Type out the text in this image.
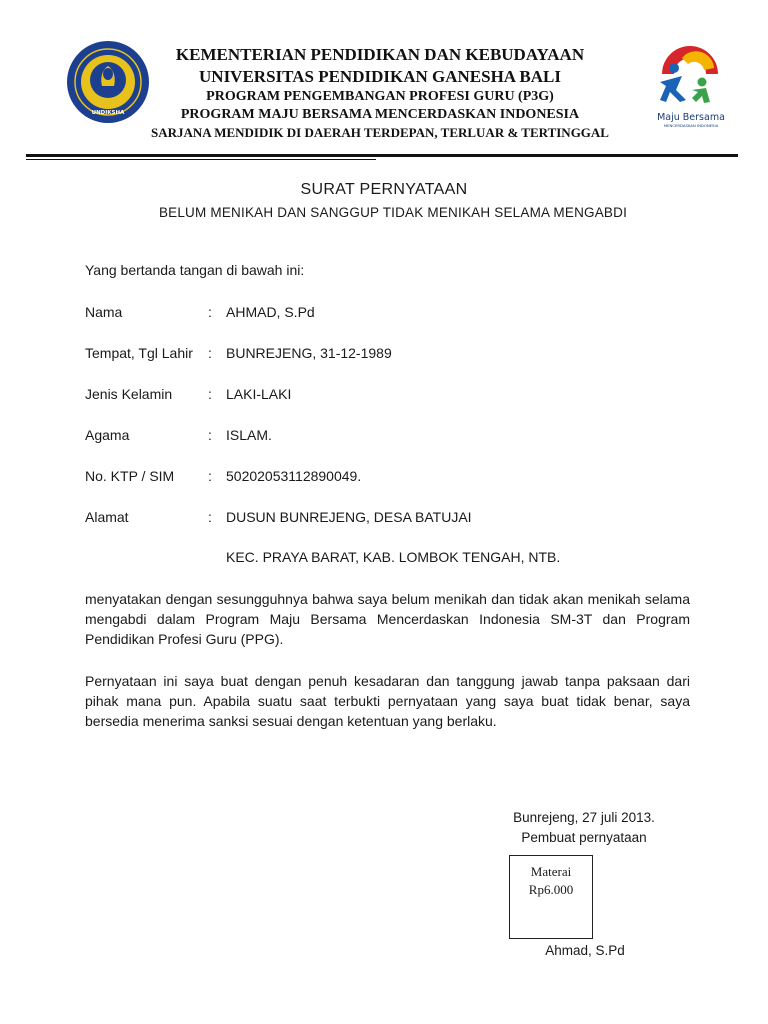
UNDIKSHA
KEMENTERIAN PENDIDIKAN DAN KEBUDAYAAN
UNIVERSITAS PENDIDIKAN GANESHA BALI
PROGRAM PENGEMBANGAN PROFESI GURU (P3G)
PROGRAM MAJU BERSAMA MENCERDASKAN INDONESIA
SARJANA MENDIDIK DI DAERAH TERDEPAN, TERLUAR & TERTINGGAL
Maju Bersama
MENCERDASKAN INDONESIA
SURAT PERNYATAAN
BELUM MENIKAH DAN SANGGUP TIDAK MENIKAH SELAMA MENGABDI
Yang bertanda tangan di bawah ini:
Nama	: AHMAD, S.Pd
Tempat, Tgl Lahir : BUNREJENG, 31-12-1989
Jenis Kelamin	: LAKI-LAKI
Agama	: ISLAM.
No. KTP / SIM : 50202053112890049.
Alamat	: DUSUN BUNREJENG, DESA BATUJAI
KEC. PRAYA BARAT, KAB. LOMBOK TENGAH, NTB.
menyatakan dengan sesungguhnya bahwa saya belum menikah dan tidak akan menikah selama mengabdi dalam Program Maju Bersama Mencerdaskan Indonesia SM-3T dan Program Pendidikan Profesi Guru (PPG).
Pernyataan ini saya buat dengan penuh kesadaran dan tanggung jawab tanpa paksaan dari pihak mana pun. Apabila suatu saat terbukti pernyataan yang saya buat tidak benar, saya bersedia menerima sanksi sesuai dengan ketentuan yang berlaku.
Bunrejeng, 27 juli 2013.
Pembuat pernyataan
Materai
Rp6.000
Ahmad, S.Pd
